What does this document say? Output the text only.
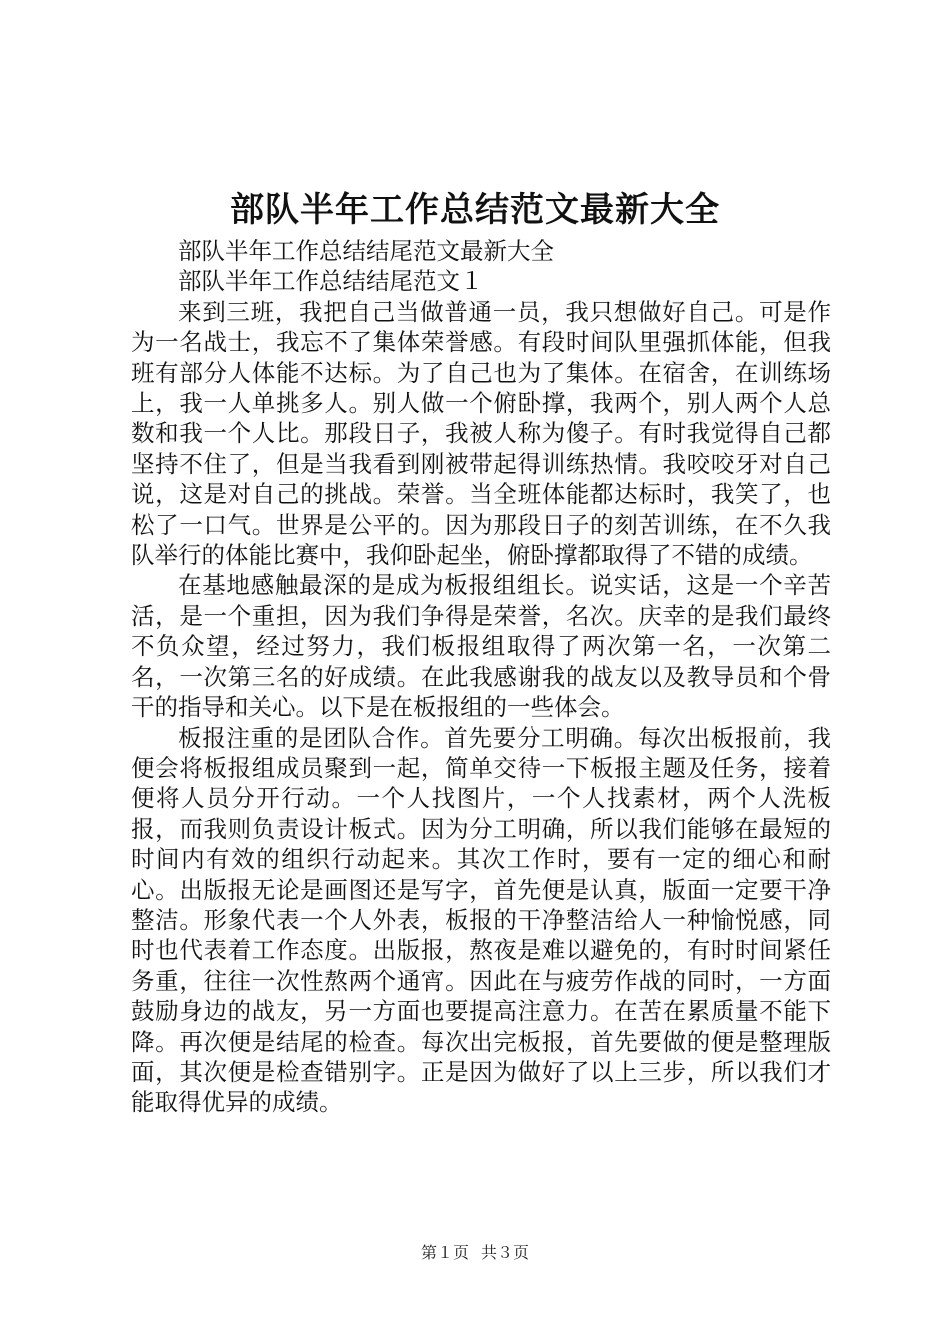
部队半年工作总结范文最新大全

部队半年工作总结结尾范文最新大全

部队半年工作总结结尾范文１

来到三班，我把自己当做普通一员，我只想做好自己。可是作为一名战士，我忘不了集体荣誉感。有段时间队里强抓体能，但我班有部分人体能不达标。为了自己也为了集体。在宿舍，在训练场上，我一人单挑多人。别人做一个俯卧撑，我两个，别人两个人总数和我一个人比。那段日子，我被人称为傻子。有时我觉得自己都坚持不住了，但是当我看到刚被带起得训练热情。我咬咬牙对自己说，这是对自己的挑战。荣誉。当全班体能都达标时，我笑了，也松了一口气。世界是公平的。因为那段日子的刻苦训练，在不久我队举行的体能比赛中，我仰卧起坐，俯卧撑都取得了不错的成绩。

在基地感触最深的是成为板报组组长。说实话，这是一个辛苦活，是一个重担，因为我们争得是荣誉，名次。庆幸的是我们最终不负众望，经过努力，我们板报组取得了两次第一名，一次第二名，一次第三名的好成绩。在此我感谢我的战友以及教导员和个骨干的指导和关心。以下是在板报组的一些体会。

板报注重的是团队合作。首先要分工明确。每次出板报前，我便会将板报组成员聚到一起，简单交待一下板报主题及任务，接着便将人员分开行动。一个人找图片，一个人找素材，两个人洗板报，而我则负责设计板式。因为分工明确，所以我们能够在最短的时间内有效的组织行动起来。其次工作时，要有一定的细心和耐心。出版报无论是画图还是写字，首先便是认真，版面一定要干净整洁。形象代表一个人外表，板报的干净整洁给人一种愉悦感，同时也代表着工作态度。出版报，熬夜是难以避免的，有时时间紧任务重，往往一次性熬两个通宵。因此在与疲劳作战的同时，一方面鼓励身边的战友，另一方面也要提高注意力。在苦在累质量不能下降。再次便是结尾的检查。每次出完板报，首先要做的便是整理版面，其次便是检查错别字。正是因为做好了以上三步，所以我们才能取得优异的成绩。

第１页 共３页
